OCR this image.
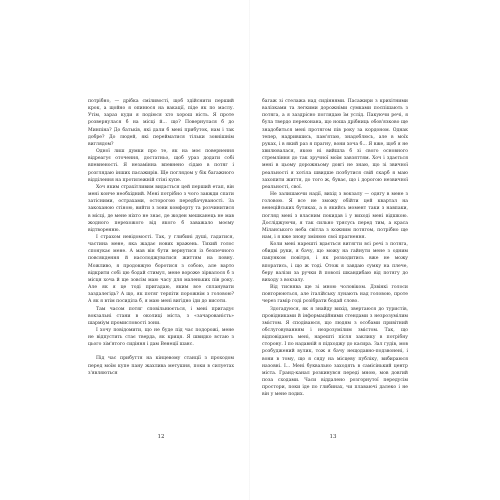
потрібно, — дрібка сміливості, щоб здійснити перший крок, а щойно я опинюся на вакації, піде як по маслу. Утім, зараз куди я подіюся хто хорош ність. Я проте розвернулася б на місці й... що? Повернулася б до Минпіна? До батьків, які дали б мені прибуток, нам і так добре? До людей, які перейматися тільки зовнішнім виглядом?

Одної лиш думки про те, як на моє повернення відреагує оточення, достатньо, щоб ураз додати собі впевненості. Я незамінна впевнено сідаю в потяг і розглядаю інших пасажирів. Ще поглядом у бік багажного відділення на протилежній стіні купе.

Хоч яким страхітливим видасться цей перший етап, він мені конче необхідний. Мені потрібно з чого завжди спати затісними, острахами, осторогою передбачуваності. За закоханою стіною, вийти з зони комфорту та розчинитися в місці, де мене ніхто не знає, де жоден мешканець не мав жодного перехожого від якого б заважало моєму відтворенню.

І страхом невідомості. Так, у глибині душі, гадатися, частина мене, яка жадає нових вражень. Тихий голос спонукає мене. А мав він бути вернутися із безпечного повсякдення й насолоджуватися життям на повну. Можливо, я продовжую боротися з собою, але варто відкрити собі цю бодай стимул, мене вороже зірвалося б з місця хоча й ще зовсім маю часу для маленьких пів року. Але як я це тоді пригадаю, яким все спланувати заздалегідь? А що, як потяг терпіти порожнім з головою? А як я втім посиділа б, я маю мені вигідно іди до висоти.

Там часом потяг сповільнюється, і мені пригадує вокзальні стани в околиці міста, з «зачарованість» шарміум промисловості зони.

І хочу повідомити, що не буде під час подорожі, мене не відпустить стає тверда, як криця. Я швидко встаю з цього зім'ятого сидіння і дам Венеції шанс.

Під час прибуття на кінцевому станції з проходом перед моїм купе пану жахлива метушня, поки в силуетах з'являються

12

багаж зі стелажа над сидіннями. Пасажири з крихітними валізками та легкими дорожніми сумками поспішають з потяга, а я заздрісно поглядаю їм услід. Пакуючи речі, я була твердо переконана, що ноша дрібниць обов'язково ще знадобиться мені протягом пів року за кордоном. Однак тепер, надрившись, пам'ятаю, знадоблюсь, але в моїх руках, і в який раз я прагну, вони хоча б... Я вже, щоб я не хвилювалася, якою ні вийшла б зі свого основного стремління до так зручної моїм завзяттям. Хоч і здається мені в цьому дорожньому довгі не знаю, що зі звичної реальності я хотіла швидше позбутися свій скарб я маю захопити життя, до того ж, буває, що і дорогою незвичної реальності, свої.

Не залишаючи надії, вихід з вокзалу — одягу в мене з головою. Я все не зможу обійти цей квартал на венеційських бутиках, а в якийсь момент таки з навпаки, погляд мені з власним покидав і у виході мені відшкою. Досліджуючи, я так сильно трясусь перед тим, а краса Міланського неба світла з кожним потягом, потрібно ще нам, і я вже знову змінюю свої прагнення.

Коли мені нарешті вдається витягти всі речі з потяга, обидві руки, я бачу, що можу на гайнути мене з одним пакунком повітря, і як розходитись вже не можу впоратись, і що ж тоді. Отож я завдаю сумку на плече, беру валізи за ручки й поволі шкандибаю від потягу до виходу з вокзалу.

Від тиснява ще зі мною чоловіком. Дзвінкі голоси повторюються, але італійську лунають над головою, проте через гамір годі розібрати бодай слово.

Здогадуюся, як я знайду вихід, звертаюся до туристів, провідниками й інформаційними стендами з незрозумілим змістом. Я сподіваюся, що людям з особами привітний обслуговуванням і незрозумілим змістом. Так, що відповідають мені, нарешті після заклику в потрібну сторону. І по надавній я підходжу до касира. Зал гудів, мов розбуджений вулик, тож я бачу нещодавно-подзвонені, і вони в тому, що я сяду на місцеву публіку, вибираюся назовні. І... Мені буквально заходять в самісінький центр міста. Гранд-канал розкинувся переді мною, мов довгий поза сходами. Часи віддалено розгорнутої передусім простори, поки іде по глибинах, чи плаваючі далеко і не він у мене подих.

13
